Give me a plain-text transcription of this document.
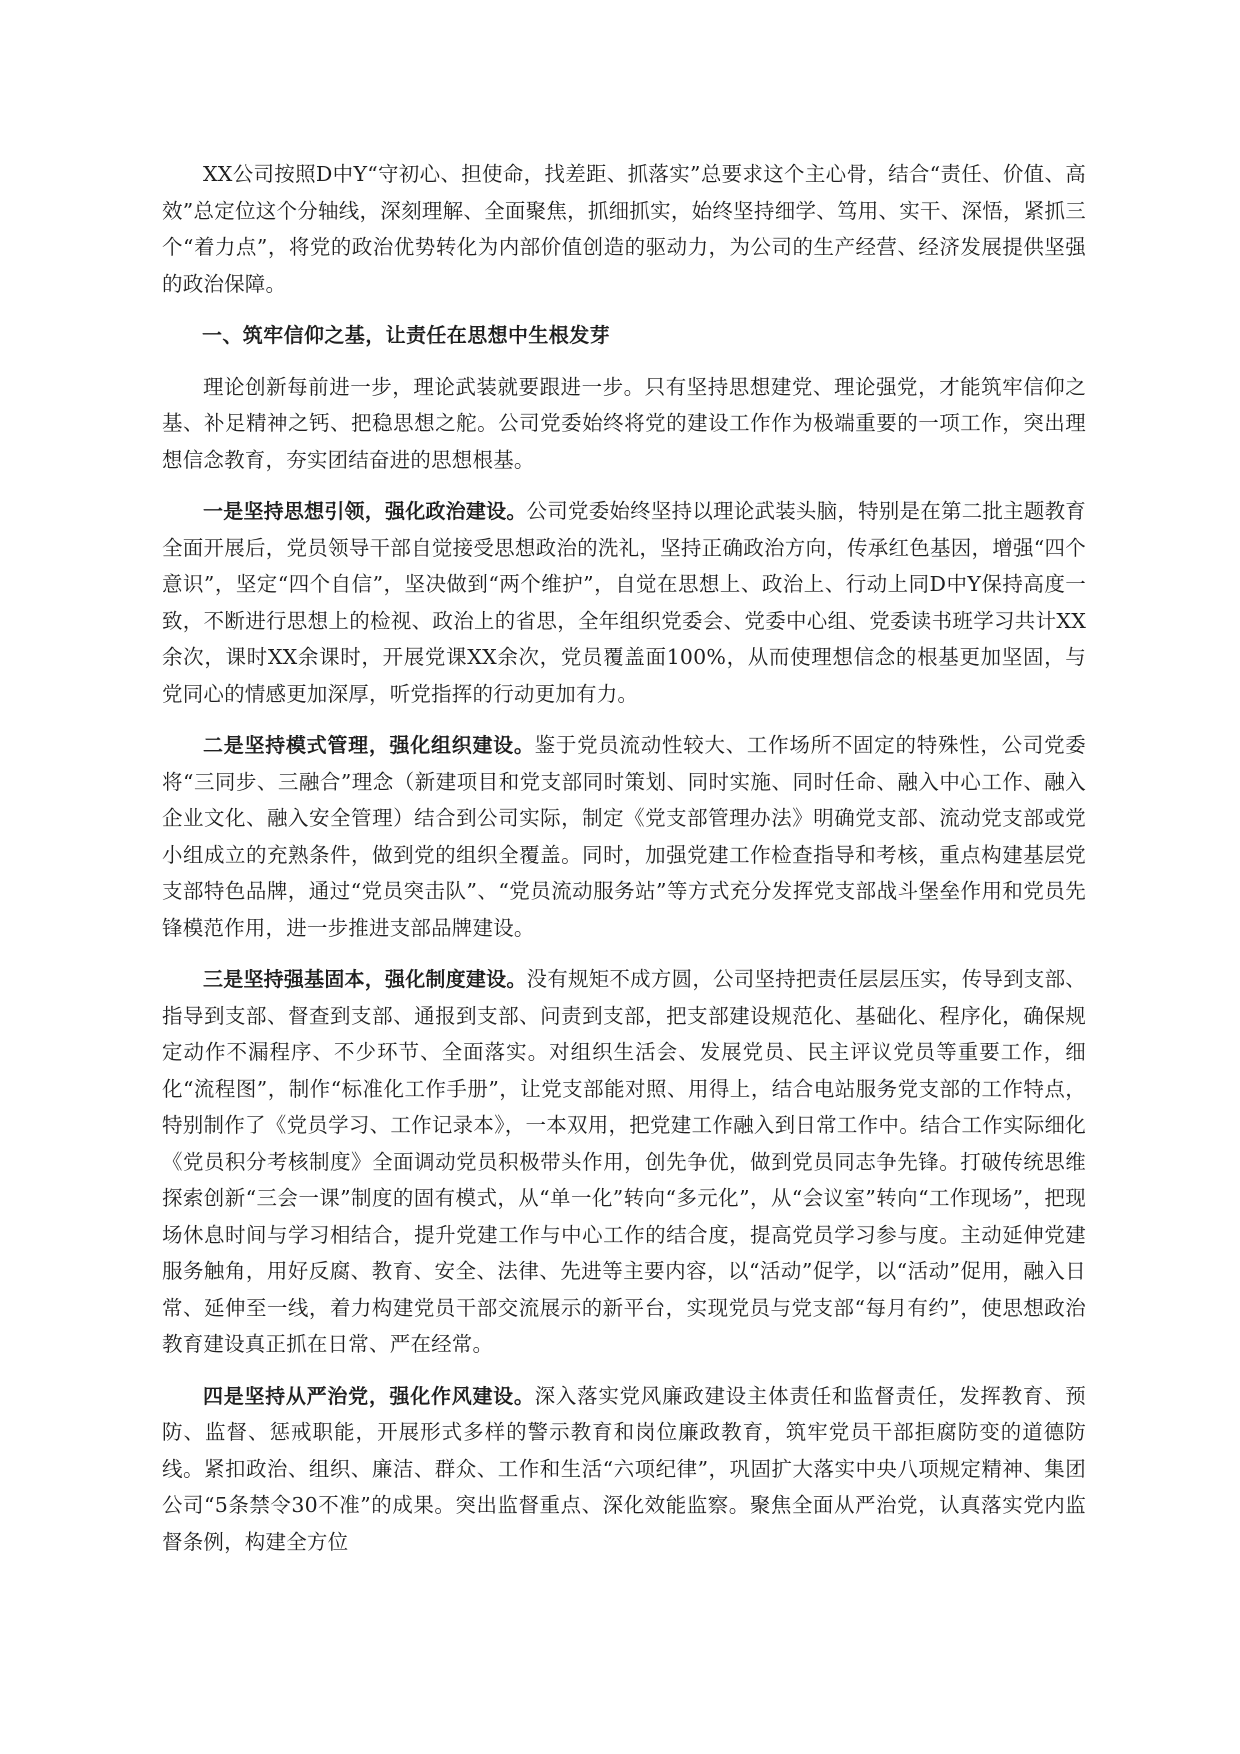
XX公司按照D中Y“守初心、担使命，找差距、抓落实”总要求这个主心骨，结合“责任、价值、高效”总定位这个分轴线，深刻理解、全面聚焦，抓细抓实，始终坚持细学、笃用、实干、深悟，紧抓三个“着力点”，将党的政治优势转化为内部价值创造的驱动力，为公司的生产经营、经济发展提供坚强的政治保障。

一、筑牢信仰之基，让责任在思想中生根发芽

理论创新每前进一步，理论武装就要跟进一步。只有坚持思想建党、理论强党，才能筑牢信仰之基、补足精神之钙、把稳思想之舵。公司党委始终将党的建设工作作为极端重要的一项工作，突出理想信念教育，夯实团结奋进的思想根基。

一是坚持思想引领，强化政治建设。公司党委始终坚持以理论武装头脑，特别是在第二批主题教育全面开展后，党员领导干部自觉接受思想政治的洗礼，坚持正确政治方向，传承红色基因，增强“四个意识”，坚定“四个自信”，坚决做到“两个维护”，自觉在思想上、政治上、行动上同D中Y保持高度一致，不断进行思想上的检视、政治上的省思，全年组织党委会、党委中心组、党委读书班学习共计XX余次，课时XX余课时，开展党课XX余次，党员覆盖面100%，从而使理想信念的根基更加坚固，与党同心的情感更加深厚，听党指挥的行动更加有力。

二是坚持模式管理，强化组织建设。鉴于党员流动性较大、工作场所不固定的特殊性，公司党委将“三同步、三融合”理念（新建项目和党支部同时策划、同时实施、同时任命、融入中心工作、融入企业文化、融入安全管理）结合到公司实际，制定《党支部管理办法》明确党支部、流动党支部或党小组成立的充熟条件，做到党的组织全覆盖。同时，加强党建工作检查指导和考核，重点构建基层党支部特色品牌，通过“党员突击队”、“党员流动服务站”等方式充分发挥党支部战斗堡垒作用和党员先锋模范作用，进一步推进支部品牌建设。

三是坚持强基固本，强化制度建设。没有规矩不成方圆，公司坚持把责任层层压实，传导到支部、指导到支部、督查到支部、通报到支部、问责到支部，把支部建设规范化、基础化、程序化，确保规定动作不漏程序、不少环节、全面落实。对组织生活会、发展党员、民主评议党员等重要工作，细化“流程图”，制作“标准化工作手册”，让党支部能对照、用得上，结合电站服务党支部的工作特点，特别制作了《党员学习、工作记录本》，一本双用，把党建工作融入到日常工作中。结合工作实际细化《党员积分考核制度》全面调动党员积极带头作用，创先争优，做到党员同志争先锋。打破传统思维探索创新“三会一课”制度的固有模式，从“单一化”转向“多元化”，从“会议室”转向“工作现场”，把现场休息时间与学习相结合，提升党建工作与中心工作的结合度，提高党员学习参与度。主动延伸党建服务触角，用好反腐、教育、安全、法律、先进等主要内容，以“活动”促学，以“活动”促用，融入日常、延伸至一线，着力构建党员干部交流展示的新平台，实现党员与党支部“每月有约”，使思想政治教育建设真正抓在日常、严在经常。

四是坚持从严治党，强化作风建设。深入落实党风廉政建设主体责任和监督责任，发挥教育、预防、监督、惩戒职能，开展形式多样的警示教育和岗位廉政教育，筑牢党员干部拒腐防变的道德防线。紧扣政治、组织、廉洁、群众、工作和生活“六项纪律”，巩固扩大落实中央八项规定精神、集团公司“5条禁令30不准”的成果。突出监督重点、深化效能监察。聚焦全面从严治党，认真落实党内监督条例，构建全方位
